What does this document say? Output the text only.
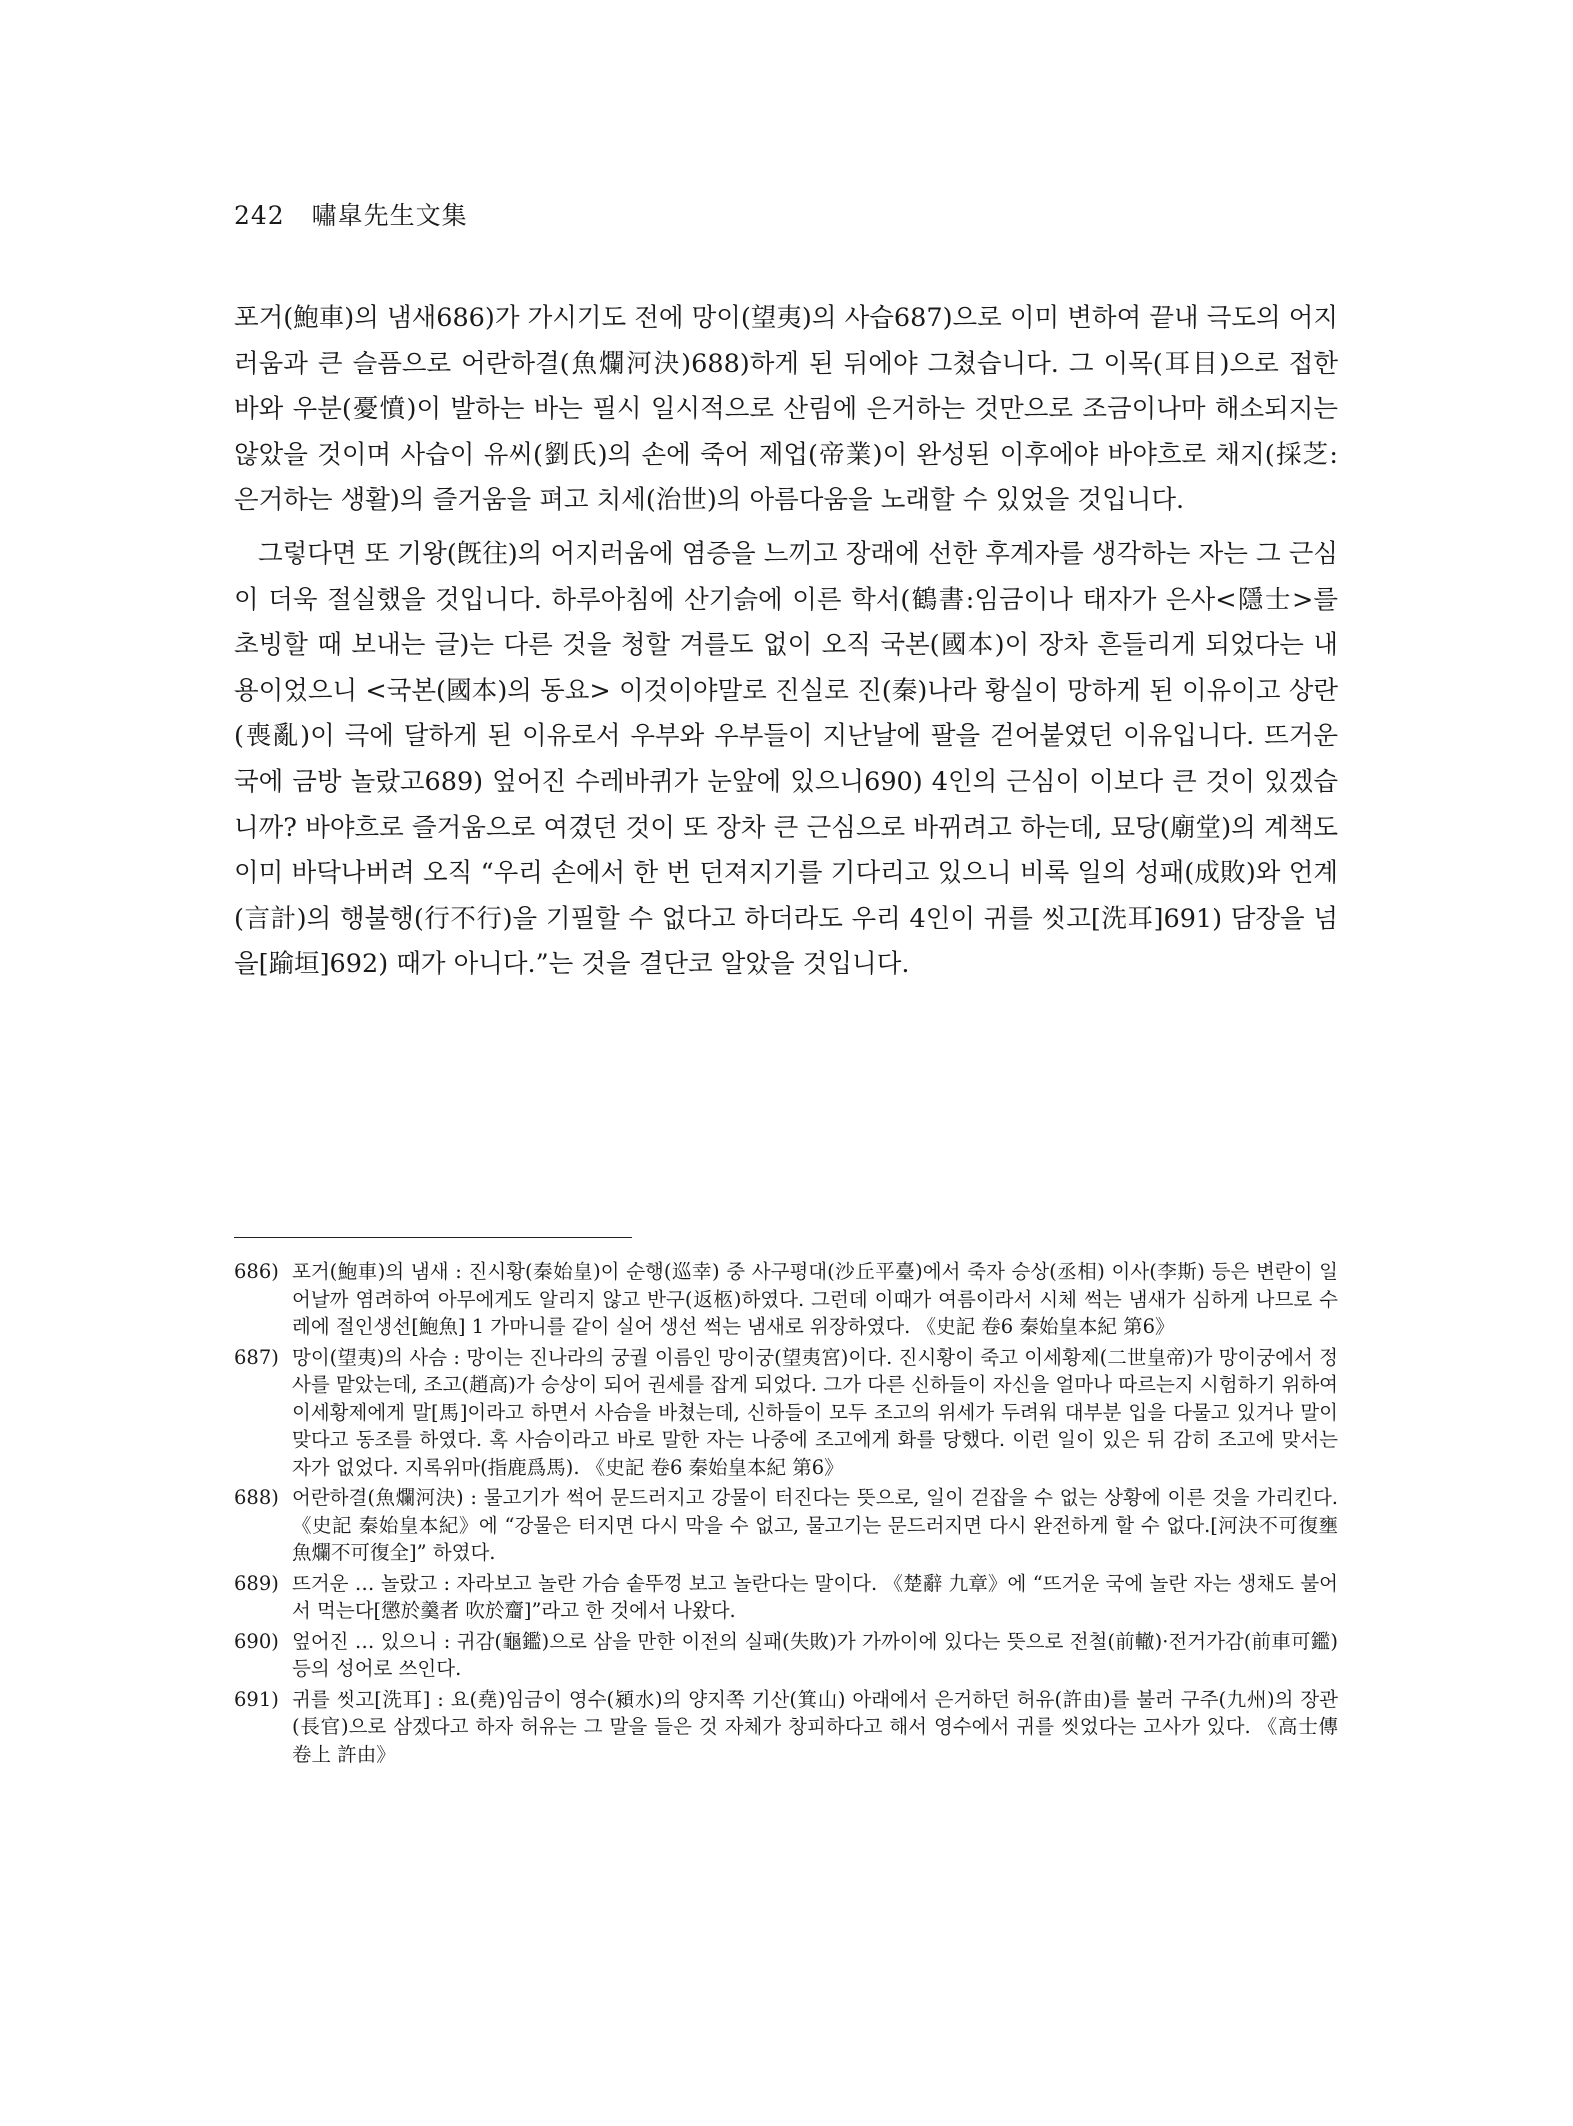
242 嘯皐先生文集

포거(鮑車)의 냄새686)가 가시기도 전에 망이(望夷)의 사습687)으로 이미 변하여 끝내 극도의 어지러움과 큰 슬픔으로 어란하결(魚爛河決)688)하게 된 뒤에야 그쳤습니다. 그 이목(耳目)으로 접한 바와 우분(憂憤)이 발하는 바는 필시 일시적으로 산림에 은거하는 것만으로 조금이나마 해소되지는 않았을 것이며 사습이 유씨(劉氏)의 손에 죽어 제업(帝業)이 완성된 이후에야 바야흐로 채지(採芝:은거하는 생활)의 즐거움을 펴고 치세(治世)의 아름다움을 노래할 수 있었을 것입니다.

그렇다면 또 기왕(旣往)의 어지러움에 염증을 느끼고 장래에 선한 후계자를 생각하는 자는 그 근심이 더욱 절실했을 것입니다. 하루아침에 산기슭에 이른 학서(鶴書:임금이나 태자가 은사<隱士>를 초빙할 때 보내는 글)는 다른 것을 청할 겨를도 없이 오직 국본(國本)이 장차 흔들리게 되었다는 내용이었으니 <국본(國本)의 동요> 이것이야말로 진실로 진(秦)나라 황실이 망하게 된 이유이고 상란(喪亂)이 극에 달하게 된 이유로서 우부와 우부들이 지난날에 팔을 걷어붙였던 이유입니다. 뜨거운 국에 금방 놀랐고689) 엎어진 수레바퀴가 눈앞에 있으니690) 4인의 근심이 이보다 큰 것이 있겠습니까? 바야흐로 즐거움으로 여겼던 것이 또 장차 큰 근심으로 바뀌려고 하는데, 묘당(廟堂)의 계책도 이미 바닥나버려 오직 “우리 손에서 한 번 던져지기를 기다리고 있으니 비록 일의 성패(成敗)와 언계(言計)의 행불행(行不行)을 기필할 수 없다고 하더라도 우리 4인이 귀를 씻고[洗耳]691) 담장을 넘을[踰垣]692) 때가 아니다.”는 것을 결단코 알았을 것입니다.

686) 포거(鮑車)의 냄새 : 진시황(秦始皇)이 순행(巡幸) 중 사구평대(沙丘平臺)에서 죽자 승상(丞相) 이사(李斯) 등은 변란이 일어날까 염려하여 아무에게도 알리지 않고 반구(返柩)하였다. 그런데 이때가 여름이라서 시체 썩는 냄새가 심하게 나므로 수레에 절인생선[鮑魚] 1 가마니를 같이 실어 생선 썩는 냄새로 위장하였다. 《史記 卷6 秦始皇本紀 第6》
687) 망이(望夷)의 사슴 : 망이는 진나라의 궁궐 이름인 망이궁(望夷宮)이다. 진시황이 죽고 이세황제(二世皇帝)가 망이궁에서 정사를 맡았는데, 조고(趙高)가 승상이 되어 권세를 잡게 되었다. 그가 다른 신하들이 자신을 얼마나 따르는지 시험하기 위하여 이세황제에게 말[馬]이라고 하면서 사슴을 바쳤는데, 신하들이 모두 조고의 위세가 두려워 대부분 입을 다물고 있거나 말이 맞다고 동조를 하였다. 혹 사슴이라고 바로 말한 자는 나중에 조고에게 화를 당했다. 이런 일이 있은 뒤 감히 조고에 맞서는 자가 없었다. 지록위마(指鹿爲馬). 《史記 卷6 秦始皇本紀 第6》
688) 어란하결(魚爛河決) : 물고기가 썩어 문드러지고 강물이 터진다는 뜻으로, 일이 걷잡을 수 없는 상황에 이른 것을 가리킨다. 《史記 秦始皇本紀》에 “강물은 터지면 다시 막을 수 없고, 물고기는 문드러지면 다시 완전하게 할 수 없다.[河決不可復壅 魚爛不可復全]” 하였다.
689) 뜨거운 … 놀랐고 : 자라보고 놀란 가슴 솥뚜껑 보고 놀란다는 말이다. 《楚辭 九章》에 “뜨거운 국에 놀란 자는 생채도 불어서 먹는다[懲於羹者 吹於齏]”라고 한 것에서 나왔다.
690) 엎어진 … 있으니 : 귀감(龜鑑)으로 삼을 만한 이전의 실패(失敗)가 가까이에 있다는 뜻으로 전철(前轍)·전거가감(前車可鑑) 등의 성어로 쓰인다.
691) 귀를 씻고[洗耳] : 요(堯)임금이 영수(潁水)의 양지쪽 기산(箕山) 아래에서 은거하던 허유(許由)를 불러 구주(九州)의 장관(長官)으로 삼겠다고 하자 허유는 그 말을 들은 것 자체가 창피하다고 해서 영수에서 귀를 씻었다는 고사가 있다. 《高士傳 卷上 許由》
